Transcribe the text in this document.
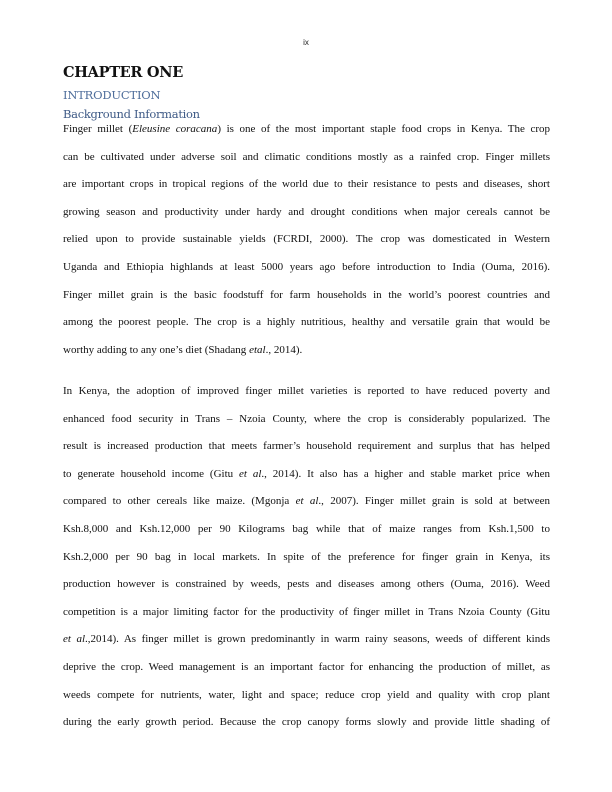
ix
CHAPTER ONE
INTRODUCTION
Background Information
Finger millet (Eleusine coracana) is one of the most important staple food crops in Kenya. The crop
can be cultivated under adverse soil and climatic conditions mostly as a rainfed crop. Finger millets
are important crops in tropical regions of the world due to their resistance to pests and diseases, short
growing season and productivity under hardy and drought conditions when major cereals cannot be
relied upon to provide sustainable yields (FCRDI, 2000). The crop was domesticated in Western
Uganda and Ethiopia highlands at least 5000 years ago before introduction to India (Ouma, 2016).
Finger millet grain is the basic foodstuff for farm households in the world’s poorest countries and
among the poorest people. The crop is a highly nutritious, healthy and versatile grain that would be
worthy adding to any one’s diet (Shadang etal., 2014).
In Kenya, the adoption of improved finger millet varieties is reported to have reduced poverty and
enhanced food security in Trans – Nzoia County, where the crop is considerably popularized. The
result is increased production that meets farmer’s household requirement and surplus that has helped
to generate household income (Gitu et al., 2014). It also has a higher and stable market price when
compared to other cereals like maize. (Mgonja et al., 2007). Finger millet grain is sold at between
Ksh.8,000 and Ksh.12,000 per 90 Kilograms bag while that of maize ranges from Ksh.1,500 to
Ksh.2,000 per 90 bag in local markets. In spite of the preference for finger grain in Kenya, its
production however is constrained by weeds, pests and diseases among others (Ouma, 2016). Weed
competition is a major limiting factor for the productivity of finger millet in Trans Nzoia County (Gitu
et al.,2014). As finger millet is grown predominantly in warm rainy seasons, weeds of different kinds
deprive the crop. Weed management is an important factor for enhancing the production of millet, as
weeds compete for nutrients, water, light and space; reduce crop yield and quality with crop plant
during the early growth period. Because the crop canopy forms slowly and provide little shading of
